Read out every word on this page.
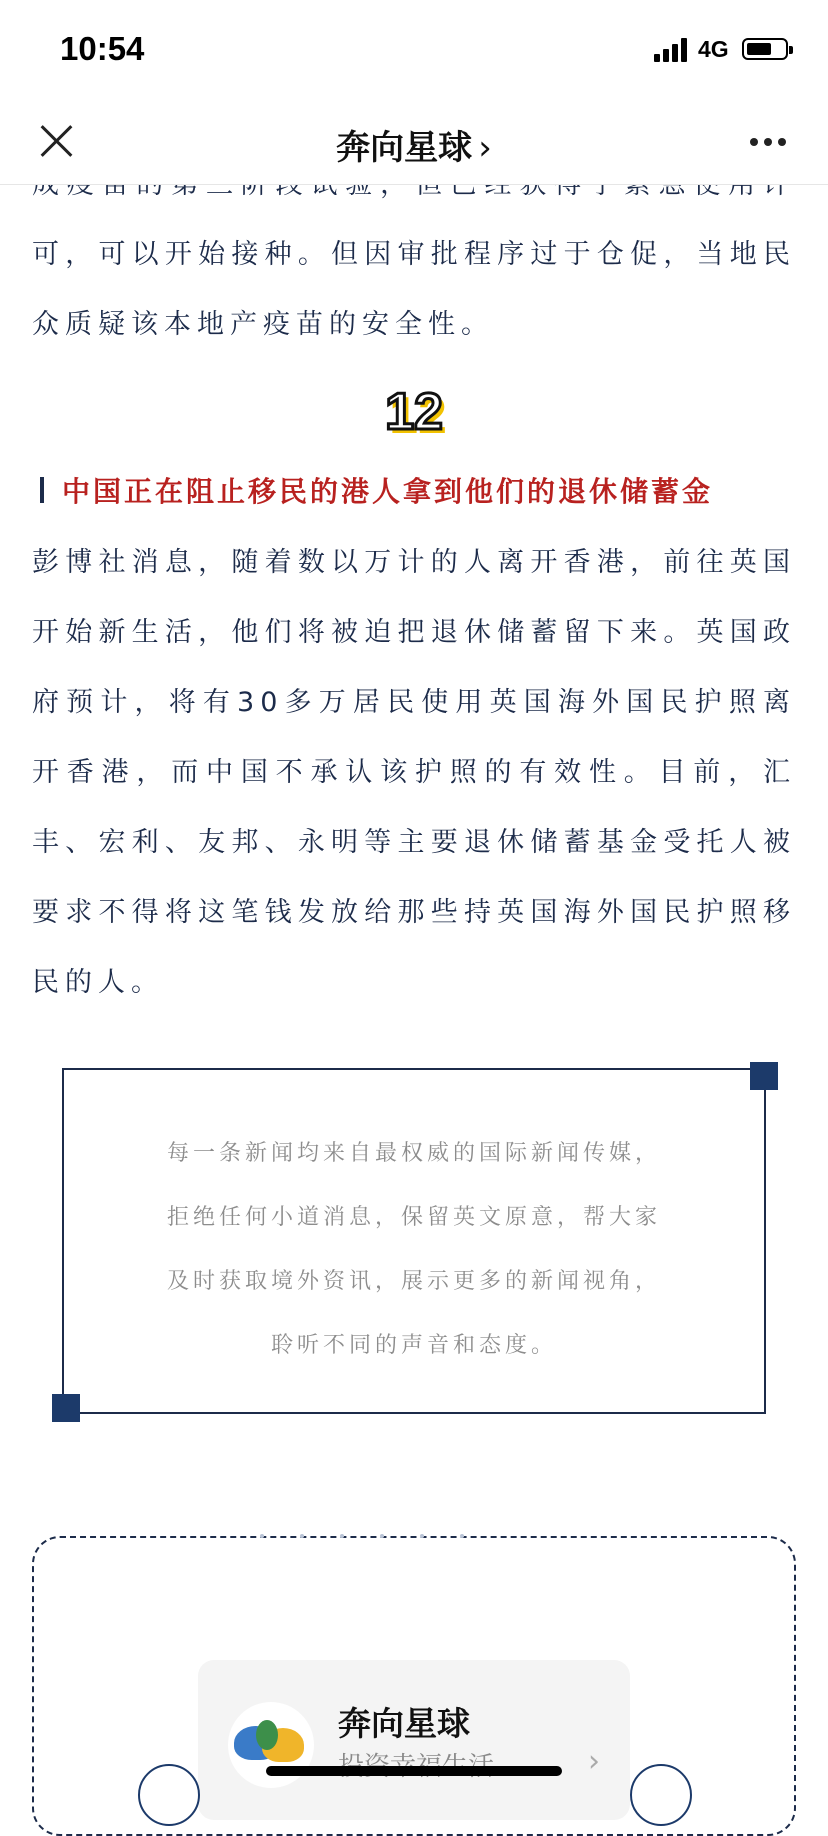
10:54	4G
奔向星球 ›

可，可以开始接种。但因审批程序过于仓促，当地民众质疑该本地产疫苗的安全性。

12
中国正在阻止移民的港人拿到他们的退休储蓄金

彭博社消息，随着数以万计的人离开香港，前往英国开始新生活，他们将被迫把退休储蓄留下来。英国政府预计，将有30多万居民使用英国海外国民护照离开香港，而中国不承认该护照的有效性。目前，汇丰、宏利、友邦、永明等主要退休储蓄基金受托人被要求不得将这笔钱发放给那些持英国海外国民护照移民的人。

每一条新闻均来自最权威的国际新闻传媒，
拒绝任何小道消息，保留英文原意，帮大家
及时获取境外资讯，展示更多的新闻视角，
聆听不同的声音和态度。
奔向星球
›
